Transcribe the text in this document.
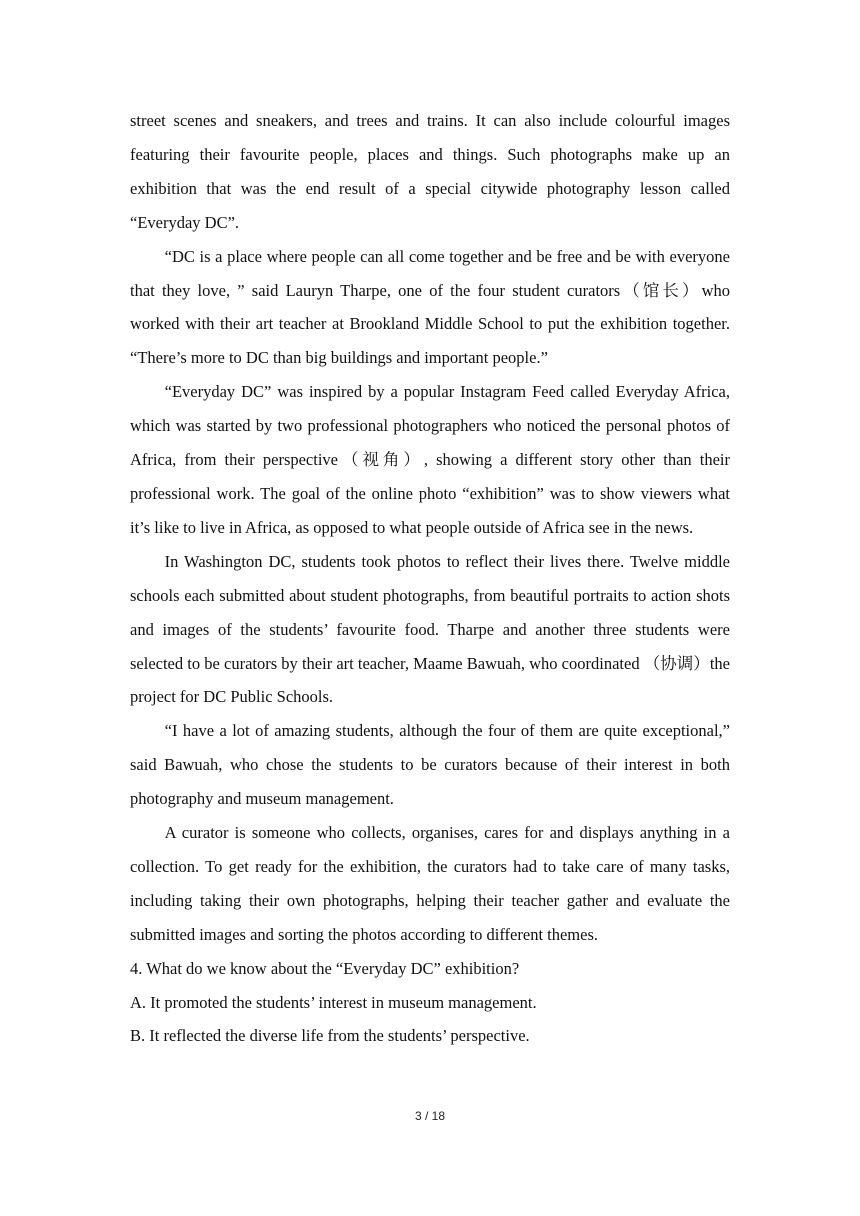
street scenes and sneakers, and trees and trains. It can also include colourful images featuring their favourite people, places and things. Such photographs make up an exhibition that was the end result of a special citywide photography lesson called “Everyday DC”.

“DC is a place where people can all come together and be free and be with everyone that they love, ” said Lauryn Tharpe, one of the four student curators（馆长）who worked with their art teacher at Brookland Middle School to put the exhibition together. “There’s more to DC than big buildings and important people.”

“Everyday DC” was inspired by a popular Instagram Feed called Everyday Africa, which was started by two professional photographers who noticed the personal photos of Africa, from their perspective（视角）, showing a different story other than their professional work. The goal of the online photo “exhibition” was to show viewers what it’s like to live in Africa, as opposed to what people outside of Africa see in the news.

In Washington DC, students took photos to reflect their lives there. Twelve middle schools each submitted about student photographs, from beautiful portraits to action shots and images of the students’ favourite food. Tharpe and another three students were selected to be curators by their art teacher, Maame Bawuah, who coordinated （协调）the project for DC Public Schools.

“I have a lot of amazing students, although the four of them are quite exceptional,” said Bawuah, who chose the students to be curators because of their interest in both photography and museum management.

A curator is someone who collects, organises, cares for and displays anything in a collection. To get ready for the exhibition, the curators had to take care of many tasks, including taking their own photographs, helping their teacher gather and evaluate the submitted images and sorting the photos according to different themes.

4. What do we know about the “Everyday DC” exhibition?

A. It promoted the students’ interest in museum management.

B. It reflected the diverse life from the students’ perspective.

3 / 18
